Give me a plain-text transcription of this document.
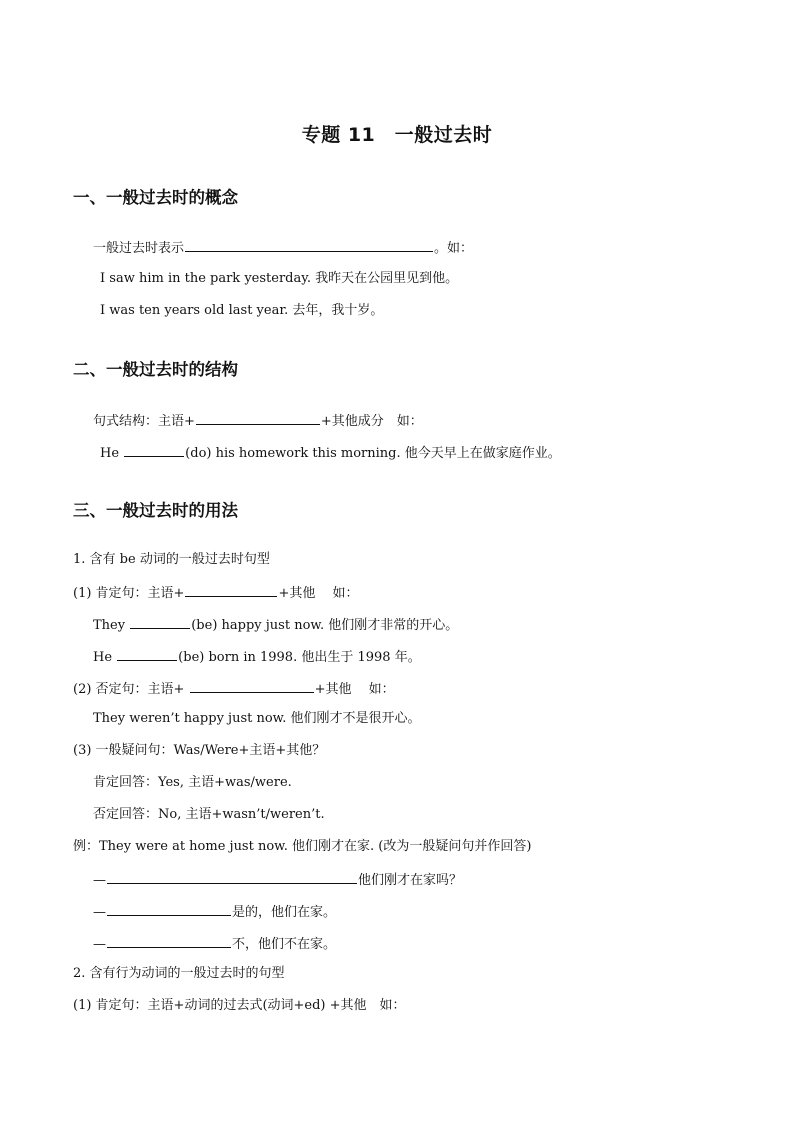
专题 11　一般过去时
一、一般过去时的概念
一般过去时表示	。如：
I saw him in the park yesterday. 我昨天在公园里见到他。
I was ten years old last year. 去年，我十岁。
二、一般过去时的结构
句式结构：主语+	+其他成分　如：
He	(do) his homework this morning. 他今天早上在做家庭作业。
三、一般过去时的用法
1. 含有 be 动词的一般过去时句型
(1) 肯定句：主语+	+其他　 如：
They	(be) happy just now. 他们刚才非常的开心。
He	(be) born in 1998. 他出生于 1998 年。
(2) 否定句：主语+	+其他　 如：
They weren’t happy just now. 他们刚才不是很开心。
(3) 一般疑问句：Was/Were+主语+其他？
肯定回答：Yes, 主语+was/were.
否定回答：No, 主语+wasn’t/weren’t.
例：They were at home just now. 他们刚才在家. (改为一般疑问句并作回答)
—	他们刚才在家吗？
—	是的，他们在家。
—	不，他们不在家。
2. 含有行为动词的一般过去时的句型
(1) 肯定句：主语+动词的过去式(动词+ed) +其他　如：
